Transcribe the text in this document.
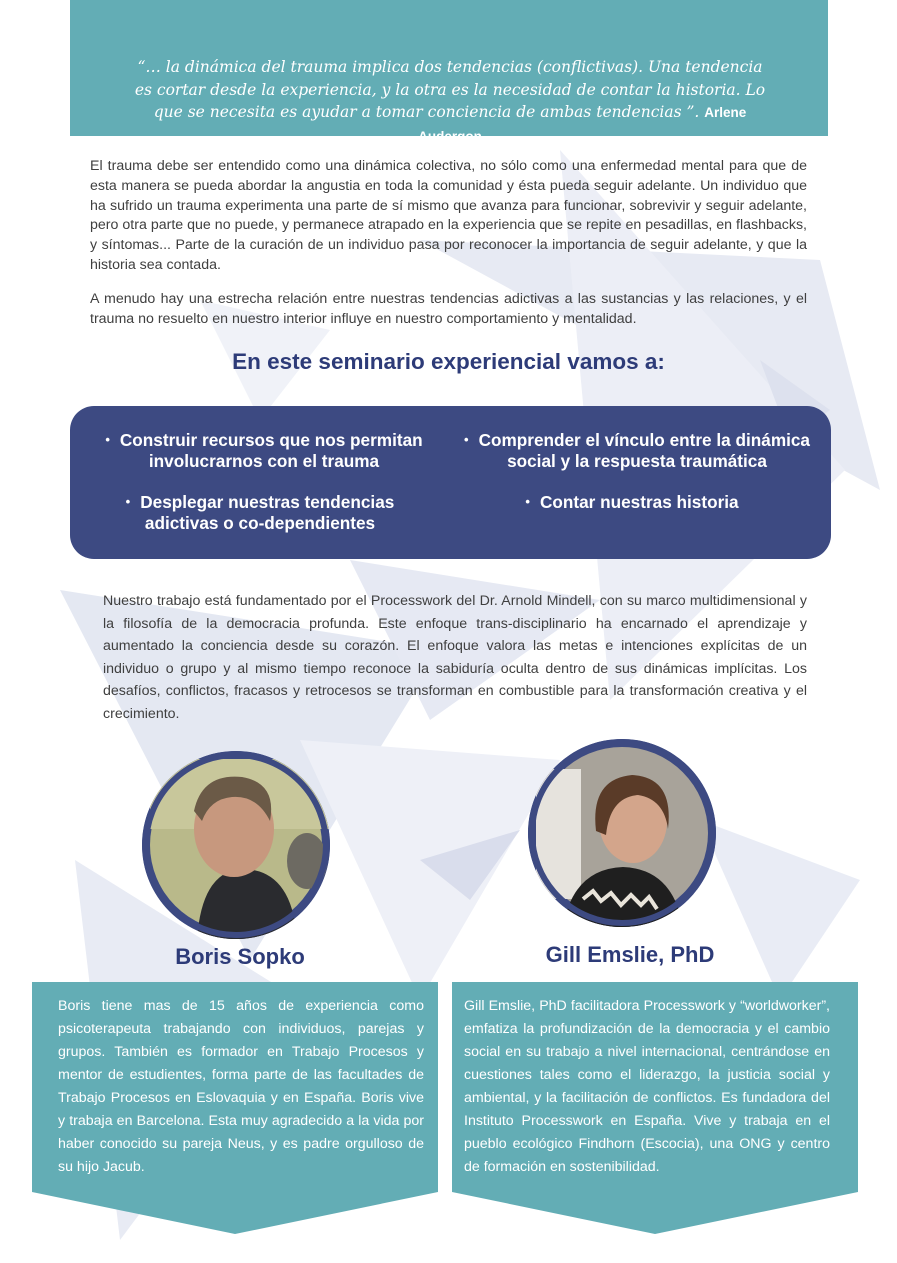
“… la dinámica del trauma implica dos tendencias (conflictivas). Una tendencia es cortar desde la experiencia, y la otra es la necesidad de contar la historia. Lo que se necesita es ayudar a tomar conciencia de ambas tendencias ”. Arlene Audergon
El trauma debe ser entendido como una dinámica colectiva, no sólo como una enfermedad mental para que de esta manera se pueda abordar la angustia en toda la comunidad y ésta pueda seguir adelante. Un individuo que ha sufrido un trauma experimenta una parte de sí mismo que avanza para funcionar, sobrevivir y seguir adelante, pero otra parte que no puede, y permanece atrapado en la experiencia que se repite en pesadillas, en flashbacks, y síntomas... Parte de la curación de un individuo pasa por reconocer la importancia de seguir adelante, y que la historia sea contada.
A menudo hay una estrecha relación entre nuestras tendencias adictivas a las sustancias y las relaciones, y el trauma no resuelto en nuestro interior influye en nuestro comportamiento y mentalidad.
En este seminario experiencial vamos a:
• Construir recursos que nos permitan involucrarnos con el trauma
• Comprender el vínculo entre la dinámica social y la respuesta traumática
• Desplegar nuestras tendencias adictivas o co-dependientes
• Contar nuestras historia
Nuestro trabajo está fundamentado por el Processwork del Dr. Arnold Mindell, con su marco multidimensional y la filosofía de la democracia profunda. Este enfoque trans-disciplinario ha encarnado el aprendizaje y aumentado la conciencia desde su corazón. El enfoque valora las metas e intenciones explícitas de un individuo o grupo y al mismo tiempo reconoce la sabiduría oculta dentro de sus dinámicas implícitas. Los desafíos, conflictos, fracasos y retrocesos se transforman en combustible para la transformación creativa y el crecimiento.
Boris Sopko	Gill Emslie, PhD
Boris tiene mas de 15 años de experiencia como psicoterapeuta trabajando con individuos, parejas y grupos. También es formador en Trabajo Procesos y mentor de estudientes, forma parte de las facultades de Trabajo Procesos en Eslovaquia y en España. Boris vive y trabaja en Barcelona. Esta muy agradecido a la vida por haber conocido su pareja Neus, y es padre orgulloso de su hijo Jacub.
Gill Emslie, PhD facilitadora Processwork y “worldworker”, emfatiza la profundización de la democracia y el cambio social en su trabajo a nivel internacional, centrándose en cuestiones tales como el liderazgo, la justicia social y ambiental, y la facilitación de conflictos. Es fundadora del Instituto Processwork en España. Vive y trabaja en el pueblo ecológico Findhorn (Escocia), una ONG y centro de formación en sostenibilidad.
